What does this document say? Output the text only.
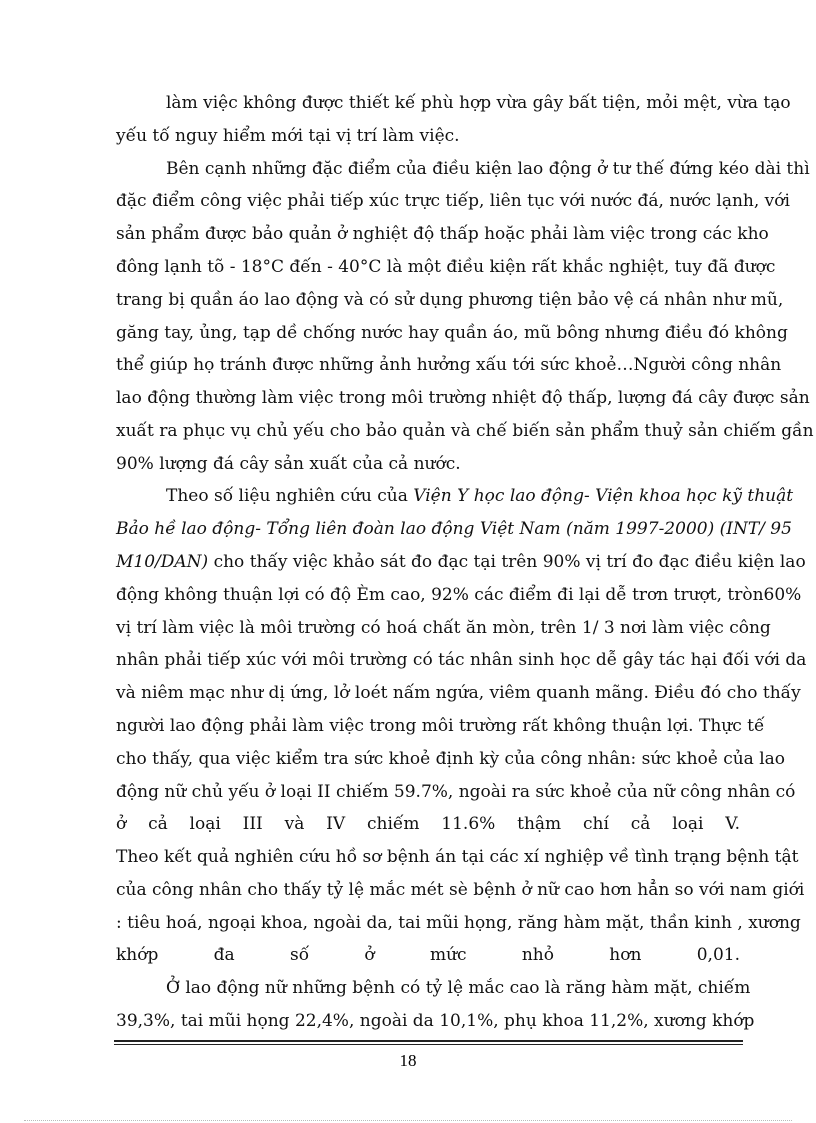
làm việc không được thiết kế phù hợp vừa gây bất tiện, mỏi mệt, vừa tạo
yếu tố nguy hiểm mới tại vị trí làm việc.
Bên cạnh những đặc điểm của điều kiện lao động ở tư thế đứng kéo dài thì
đặc điểm công việc phải tiếp xúc trực tiếp, liên tục với nước đá, nước lạnh, với
sản phẩm được bảo quản ở nghiệt độ thấp hoặc phải làm việc trong các kho
đông lạnh tõ - 18°C đến - 40°C là một điều kiện rất khắc nghiệt, tuy đã được
trang bị quần áo lao động và có sử dụng phương tiện bảo vệ cá nhân như mũ,
găng tay, ủng, tạp dề chống nước hay quần áo, mũ bông nhưng điều đó không
thể giúp họ tránh được những ảnh hưởng xấu tới sức khoẻ…Người công nhân
lao động thường làm việc trong môi trường nhiệt độ thấp, lượng đá cây được sản
xuất ra phục vụ chủ yếu cho bảo quản và chế biến sản phẩm thuỷ sản chiếm gần
90% lượng đá cây sản xuất của cả nước.
Theo số liệu nghiên cứu của Viện Y học lao động- Viện khoa học kỹ thuật
Bảo hề lao động- Tổng liên đoàn lao động Việt Nam (năm 1997-2000) (INT/ 95
M10/DAN) cho thấy việc khảo sát đo đạc tại trên 90% vị trí đo đạc điều kiện lao
động không thuận lợi có độ Èm cao, 92% các điểm đi lại dễ trơn trượt, tròn60%
vị trí làm việc là môi trường có hoá chất ăn mòn, trên 1/ 3 nơi làm việc công
nhân phải tiếp xúc với môi trường có tác nhân sinh học dễ gây tác hại đối với da
và niêm mạc như dị ứng, lở loét nấm ngứa, viêm quanh mãng. Điều đó cho thấy
người lao động phải làm việc trong môi trường rất không thuận lợi. Thực tế
cho thấy, qua việc kiểm tra sức khoẻ định kỳ của công nhân: sức khoẻ của lao
động nữ chủ yếu ở loại II chiếm 59.7%, ngoài ra sức khoẻ của nữ công nhân có
ở cả loại III và IV chiếm 11.6% thậm chí cả loại V.
Theo kết quả nghiên cứu hồ sơ bệnh án tại các xí nghiệp về tình trạng bệnh tật
của công nhân cho thấy tỷ lệ mắc mét sè bệnh ở nữ cao hơn hẳn so với nam giới
: tiêu hoá, ngoại khoa, ngoài da, tai mũi họng, răng hàm mặt, thần kinh , xương
khớp đa số ở mức nhỏ hơn 0,01.
Ở lao động nữ những bệnh có tỷ lệ mắc cao là răng hàm mặt, chiếm
39,3%, tai mũi họng 22,4%, ngoài da 10,1%, phụ khoa 11,2%, xương khớp
18
